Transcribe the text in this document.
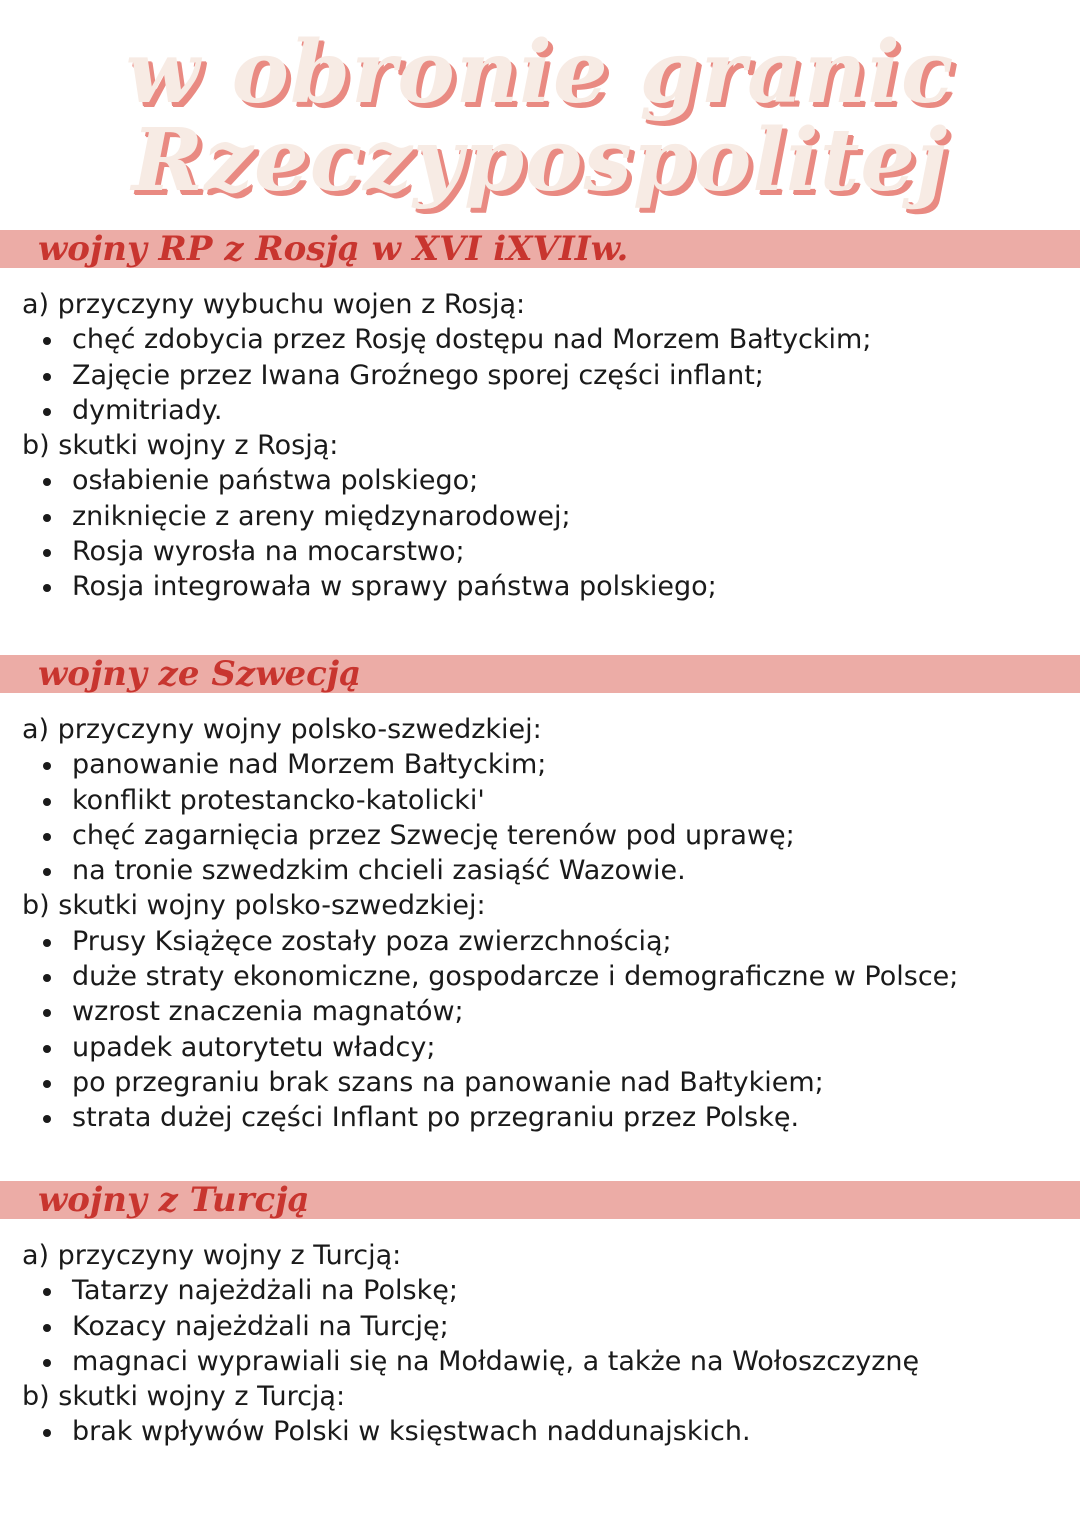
w obronie granic
Rzeczypospolitej
wojny RP z Rosją w XVI iXVIIw.
a) przyczyny wybuchu wojen z Rosją:
chęć zdobycia przez Rosję dostępu nad Morzem Bałtyckim;
Zajęcie przez Iwana Groźnego sporej części inflant;
dymitriady.
b) skutki wojny z Rosją:
osłabienie państwa polskiego;
zniknięcie z areny międzynarodowej;
Rosja wyrosła na mocarstwo;
Rosja integrowała w sprawy państwa polskiego;
wojny ze Szwecją
a) przyczyny wojny polsko-szwedzkiej:
panowanie nad Morzem Bałtyckim;
konflikt protestancko-katolicki'
chęć zagarnięcia przez Szwecję terenów pod uprawę;
na tronie szwedzkim chcieli zasiąść Wazowie.
b) skutki wojny polsko-szwedzkiej:
Prusy Książęce zostały poza zwierzchnością;
duże straty ekonomiczne, gospodarcze i demograficzne w Polsce;
wzrost znaczenia magnatów;
upadek autorytetu władcy;
po przegraniu brak szans na panowanie nad Bałtykiem;
strata dużej części Inflant po przegraniu przez Polskę.
wojny z Turcją
a) przyczyny wojny z Turcją:
Tatarzy najeżdżali na Polskę;
Kozacy najeżdżali na Turcję;
magnaci wyprawiali się na Mołdawię, a także na Wołoszczyznę
b) skutki wojny z Turcją:
brak wpływów Polski w księstwach naddunajskich.
